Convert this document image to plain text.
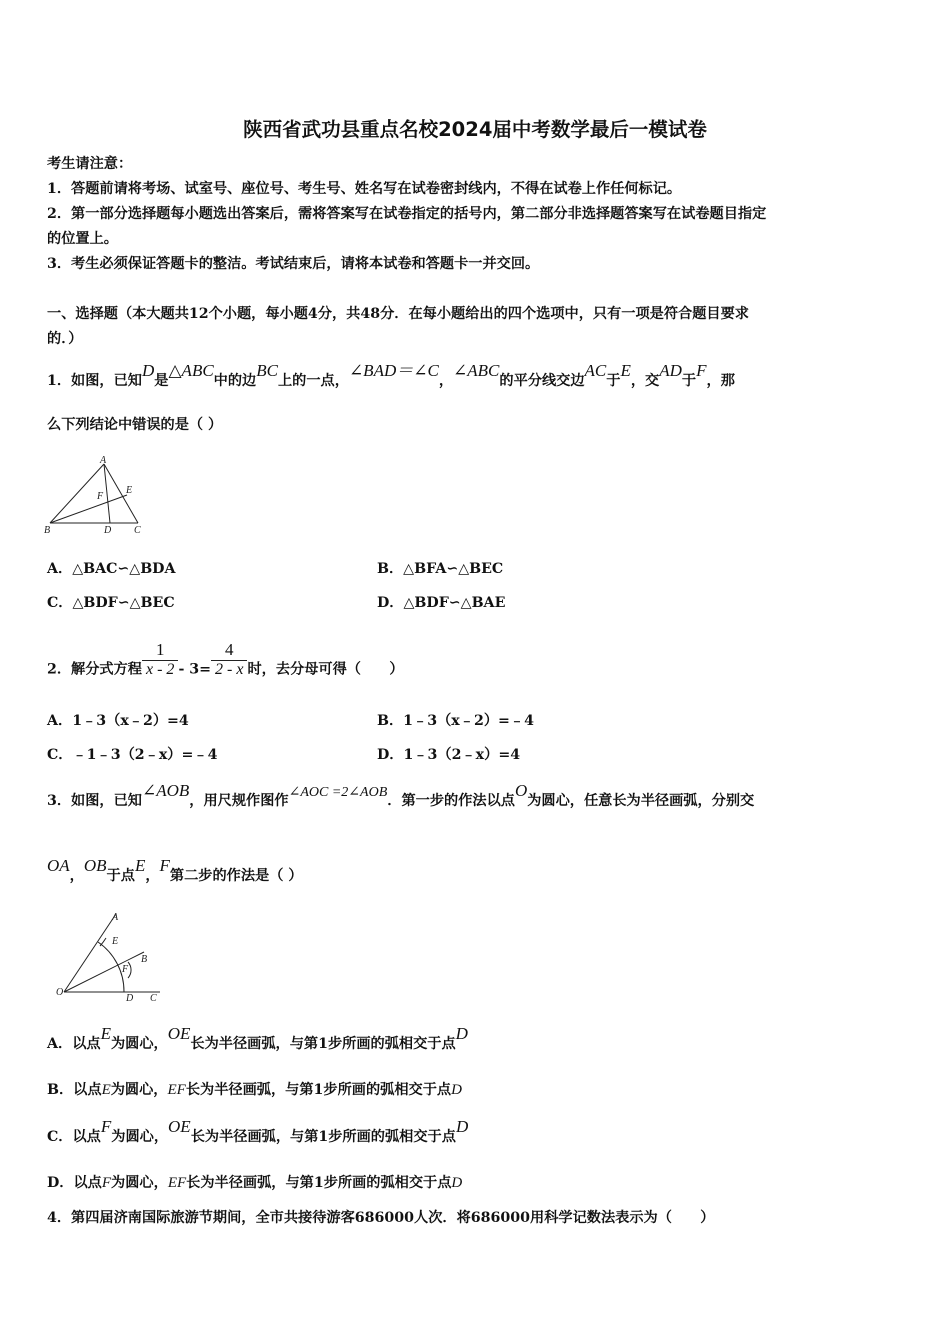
陕西省武功县重点名校2024届中考数学最后一模试卷
考生请注意：
1．答题前请将考场、试室号、座位号、考生号、姓名写在试卷密封线内，不得在试卷上作任何标记。
2．第一部分选择题每小题选出答案后，需将答案写在试卷指定的括号内，第二部分非选择题答案写在试卷题目指定
的位置上。
3．考生必须保证答题卡的整洁。考试结束后，请将本试卷和答题卡一并交回。
一、选择题（本大题共12个小题，每小题4分，共48分．在每小题给出的四个选项中，只有一项是符合题目要求
的．）
1．如图，已知D是△ABC中的边BC上的一点，∠BAD＝∠C，∠ABC的平分线交边AC于E，交AD于F，那
么下列结论中错误的是（ ）
A
B	C
D
E
F
A．△BAC∽△BDA	B．△BFA∽△BEC
C．△BDF∽△BEC	D．△BDF∽△BAE
2．解分式方程 $\frac{1}{x - 2} - 3= \frac{4}{2 - x}$ 时，去分母可得（　　）
A．1﹣3（x﹣2）=4	B．1﹣3（x﹣2）=﹣4
C．﹣1﹣3（2﹣x）=﹣4	D．1﹣3（2﹣x）=4
3．如图，已知∠AOB，用尺规作图作∠AOC =2∠AOB．第一步的作法以点O为圆心，任意长为半径画弧，分别交
OA，OB于点E，F第二步的作法是（ ）
A
B
C
D
E
F
O
A．以点E为圆心，OE长为半径画弧，与第1步所画的弧相交于点D
B．以点E为圆心，EF长为半径画弧，与第1步所画的弧相交于点D
C．以点F为圆心，OE长为半径画弧，与第1步所画的弧相交于点D
D．以点F为圆心，EF长为半径画弧，与第1步所画的弧相交于点D
4．第四届济南国际旅游节期间，全市共接待游客686000人次．将686000用科学记数法表示为（　　）
